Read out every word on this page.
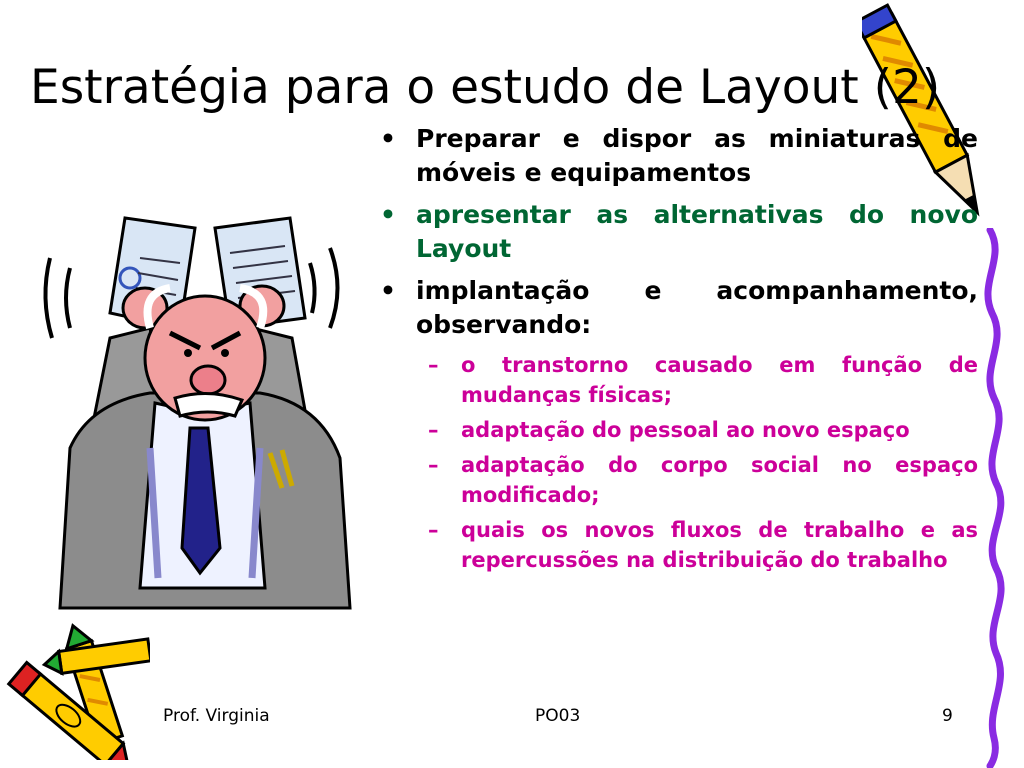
Estratégia para o estudo de Layout (2)
• Preparar e dispor as miniaturas de móveis e equipamentos
• apresentar as alternativas do novo Layout
• implantação e acompanhamento, observando:
– o transtorno causado em função de mudanças físicas;
– adaptação do pessoal ao novo espaço
– adaptação do corpo social no espaço modificado;
– quais os novos fluxos de trabalho e as repercussões na distribuição do trabalho
Prof. Virginia	PO03	9
